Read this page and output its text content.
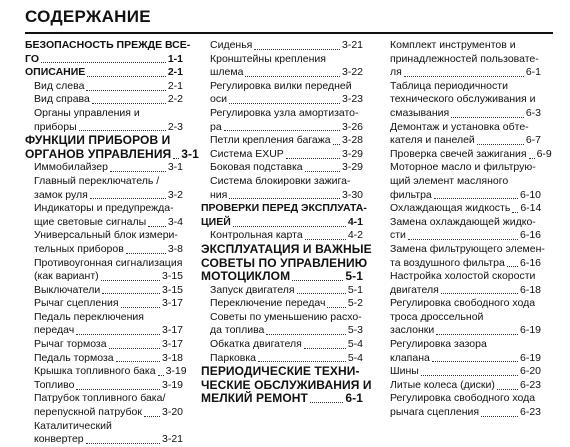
СОДЕРЖАНИЕ
БЕЗОПАСНОСТЬ ПРЕЖДЕ ВСЕ-
ГО	1-1
ОПИСАНИЕ	2-1
Вид слева	2-1
Вид справа	2-2
Органы управления и
приборы	2-3
ФУНКЦИИ ПРИБОРОВ И
ОРГАНОВ УПРАВЛЕНИЯ 3-1
Иммобилайзер	3-1
Главный переключатель /
замок руля	3-2
Индикаторы и предупрежда-
щие световые сигналы 3-4
Универсальный блок измери-
тельных приборов	3-8
Противоугонная сигнализация
(как вариант)	3-15
Выключатели	3-15
Рычаг сцепления	3-17
Педаль переключения
передач	3-17
Рычаг тормоза	3-17
Педаль тормоза	3-18
Крышка топливного бака 3-19
Топливо	3-19
Патрубок топливного бака/
перепускной патрубок 3-20
Каталитический
конвертер	3-21
Сиденья	3-21
Кронштейны крепления
шлема	3-22
Регулировка вилки передней
оси	3-23
Регулировка узла амортизато-
ра	3-26
Петли крепления багажа 3-28
Система EXUP	3-29
Боковая подставка	3-29
Система блокировки зажига-
ния	3-30
ПРОВЕРКИ ПЕРЕД ЭКСПЛУАТА-
ЦИЕЙ	4-1
Контрольная карта	4-2
ЭКСПЛУАТАЦИЯ И ВАЖНЫЕ
СОВЕТЫ ПО УПРАВЛЕНИЮ
МОТОЦИКЛОМ	5-1
Запуск двигателя	5-1
Переключение передач 5-2
Советы по уменьшению расхо-
да топлива	5-3
Обкатка двигателя	5-4
Парковка	5-4
ПЕРИОДИЧЕСКИЕ ТЕХНИ-
ЧЕСКИЕ ОБСЛУЖИВАНИЯ И
МЕЛКИЙ РЕМОНТ	6-1
Комплект инструментов и
принадлежностей пользовате-
ля	6-1
Таблица периодичности
технического обслуживания и
смазывания	6-3
Демонтаж и установка обте-
кателя и панелей	6-7
Проверка свечей зажигания 6-9
Моторное масло и фильтрую-
щий элемент масляного
фильтра	6-10
Охлаждающая жидкость 6-14
Замена охлаждающей жидко-
сти	6-16
Замена фильтрующего элемен-
та воздушного фильтра 6-16
Настройка холостой скорости
двигателя	6-18
Регулировка свободного хода
троса дроссельной
заслонки	6-19
Регулировка зазора
клапана	6-19
Шины	6-20
Литые колеса (диски) 6-23
Регулировка свободного хода
рычага сцепления	6-23
